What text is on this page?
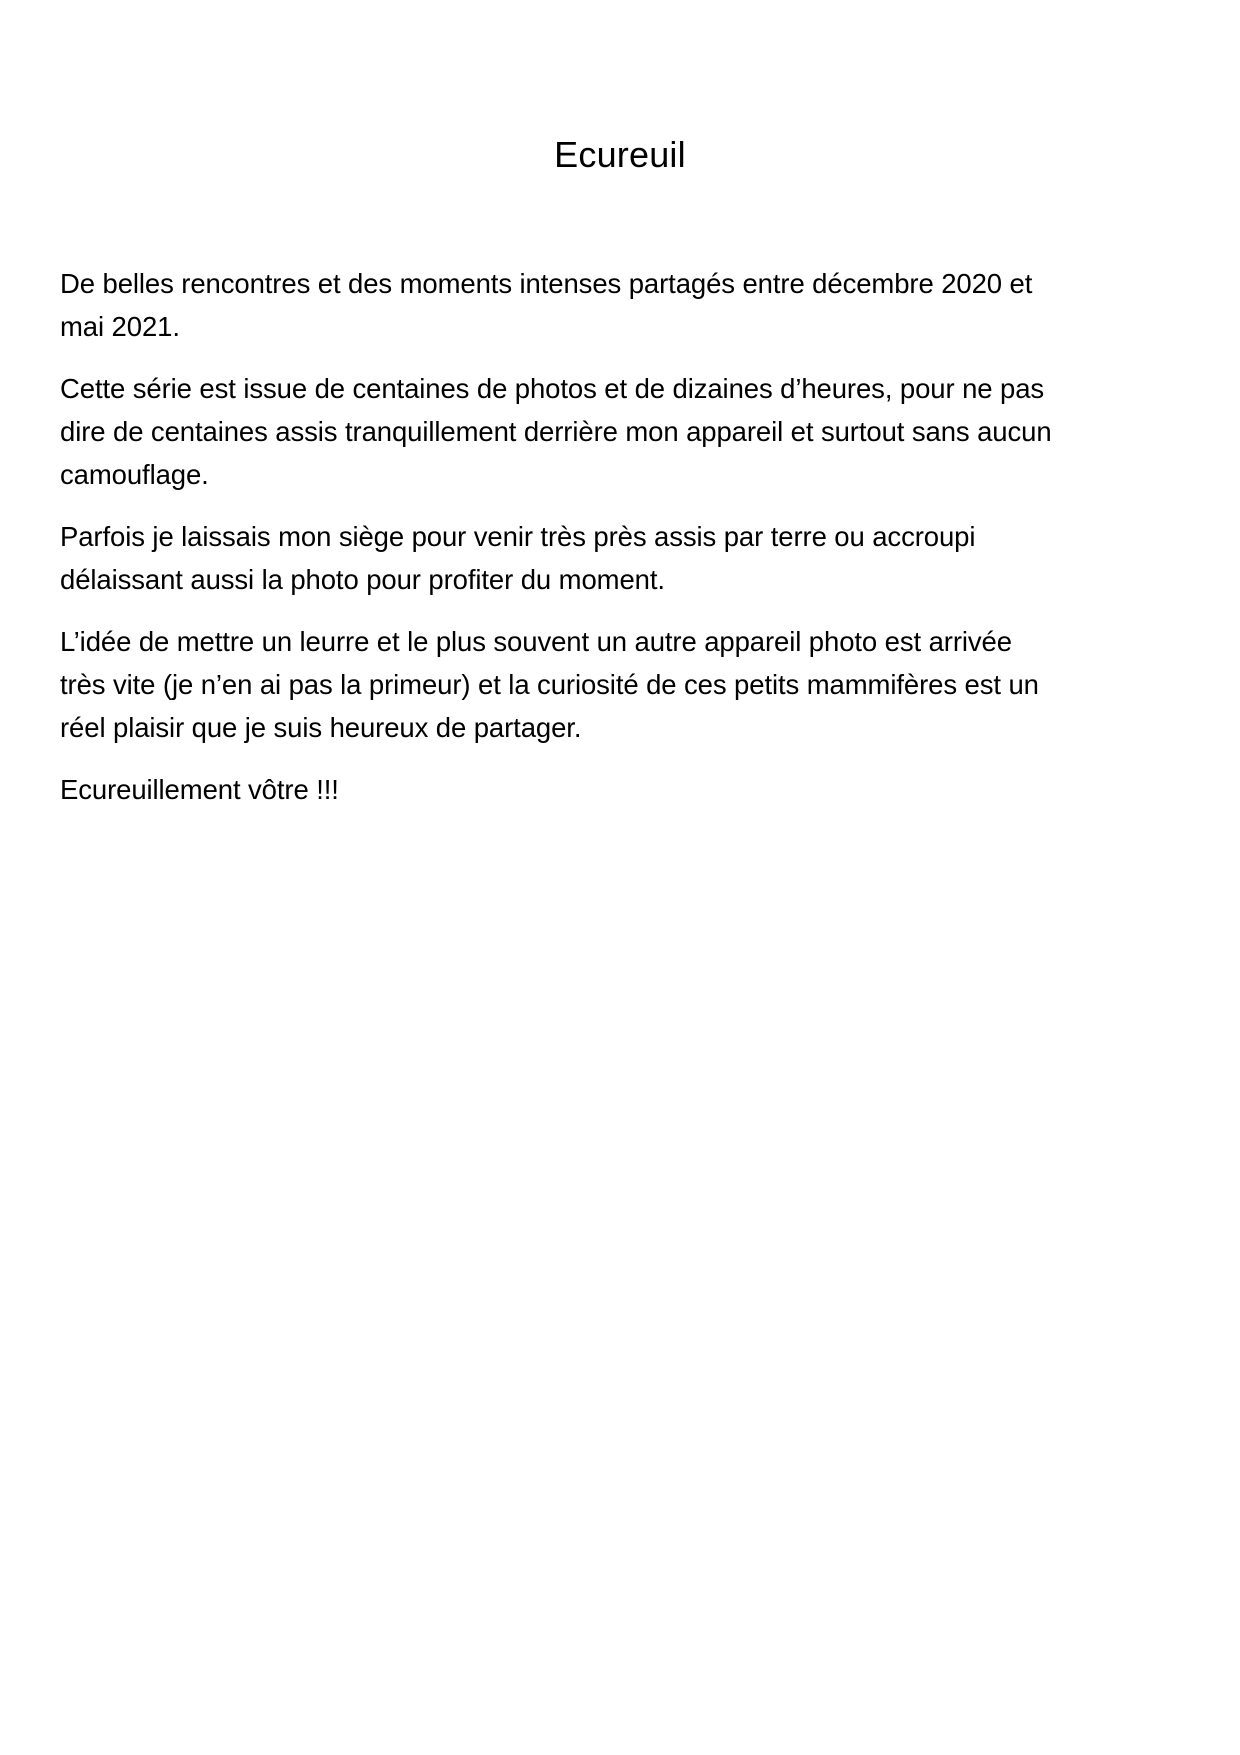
Ecureuil
De belles rencontres et des moments intenses partagés entre décembre 2020 et
mai 2021.
Cette série est issue de centaines de photos et de dizaines d’heures, pour ne pas
dire de centaines assis tranquillement derrière mon appareil et surtout sans aucun
camouflage.
Parfois je laissais mon siège pour venir très près assis par terre ou accroupi
délaissant aussi la photo pour profiter du moment.
L’idée de mettre un leurre et le plus souvent un autre appareil photo est arrivée
très vite (je n’en ai pas la primeur) et la curiosité de ces petits mammifères est un
réel plaisir que je suis heureux de partager.
Ecureuillement vôtre !!!
